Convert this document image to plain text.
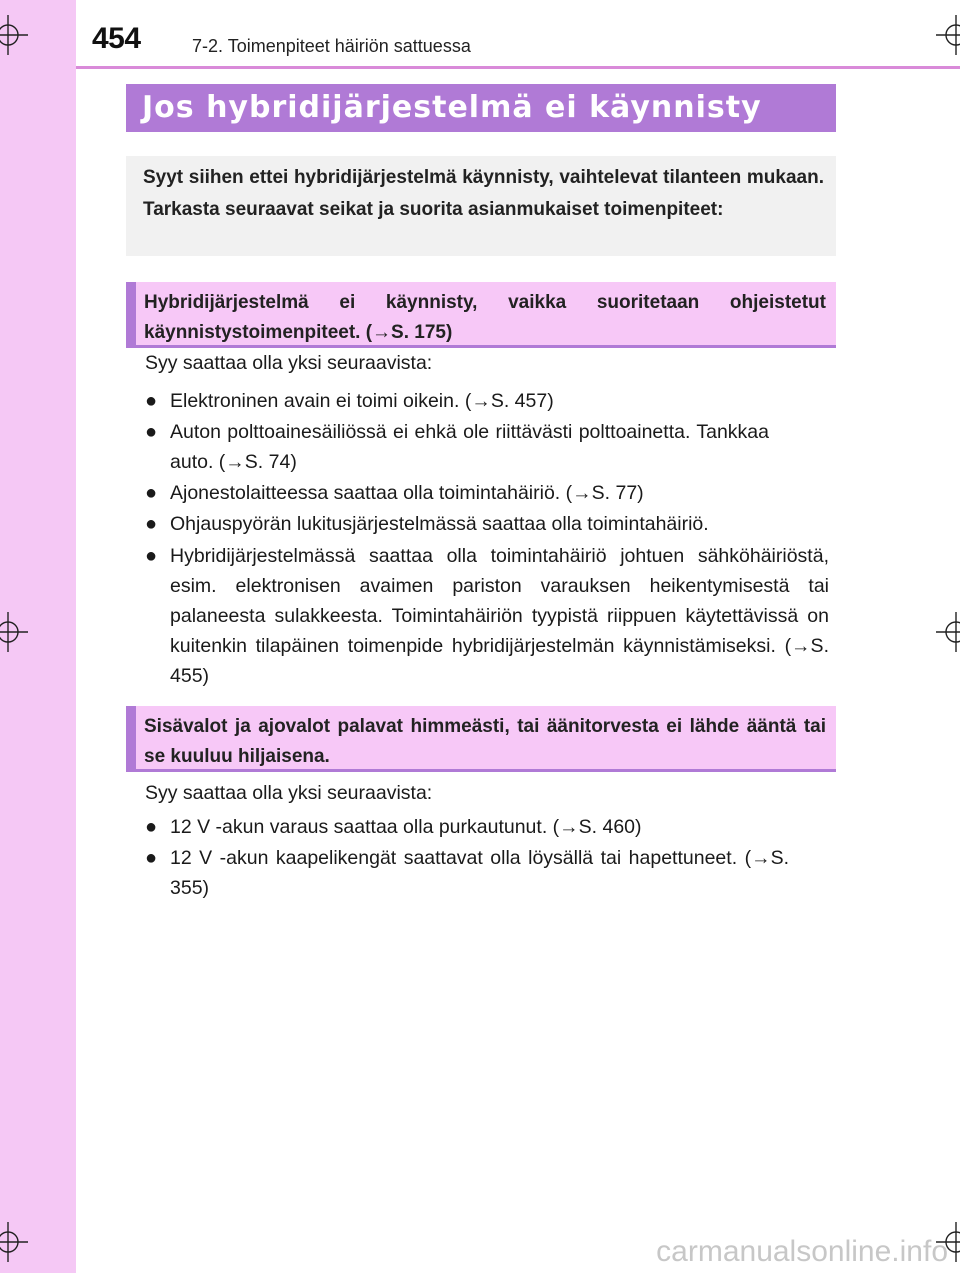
454	7-2. Toimenpiteet häiriön sattuessa
Jos hybridijärjestelmä ei käynnisty
Syyt siihen ettei hybridijärjestelmä käynnisty, vaihtelevat tilanteen mukaan. Tarkasta seuraavat seikat ja suorita asianmukaiset toimenpiteet:
Hybridijärjestelmä ei käynnisty, vaikka suoritetaan ohjeistetut käynnistystoimenpiteet. (→S. 175)
Syy saattaa olla yksi seuraavista:
● Elektroninen avain ei toimi oikein. (→S. 457)
● Auton polttoainesäiliössä ei ehkä ole riittävästi polttoainetta. Tankkaa auto. (→S. 74)
● Ajonestolaitteessa saattaa olla toimintahäiriö. (→S. 77)
● Ohjauspyörän lukitusjärjestelmässä saattaa olla toimintahäiriö.
● Hybridijärjestelmässä saattaa olla toimintahäiriö johtuen sähköhäiriöstä, esim. elektronisen avaimen pariston varauksen heikentymisestä tai palaneesta sulakkeesta. Toimintahäiriön tyypistä riippuen käytettävissä on kuitenkin tilapäinen toimenpide hybridijärjestelmän käynnistämiseksi. (→S. 455)
Sisävalot ja ajovalot palavat himmeästi, tai äänitorvesta ei lähde ääntä tai se kuuluu hiljaisena.
Syy saattaa olla yksi seuraavista:
● 12 V -akun varaus saattaa olla purkautunut. (→S. 460)
● 12 V -akun kaapelikengät saattavat olla löysällä tai hapettuneet. (→S. 355)
carmanualsonline.info
